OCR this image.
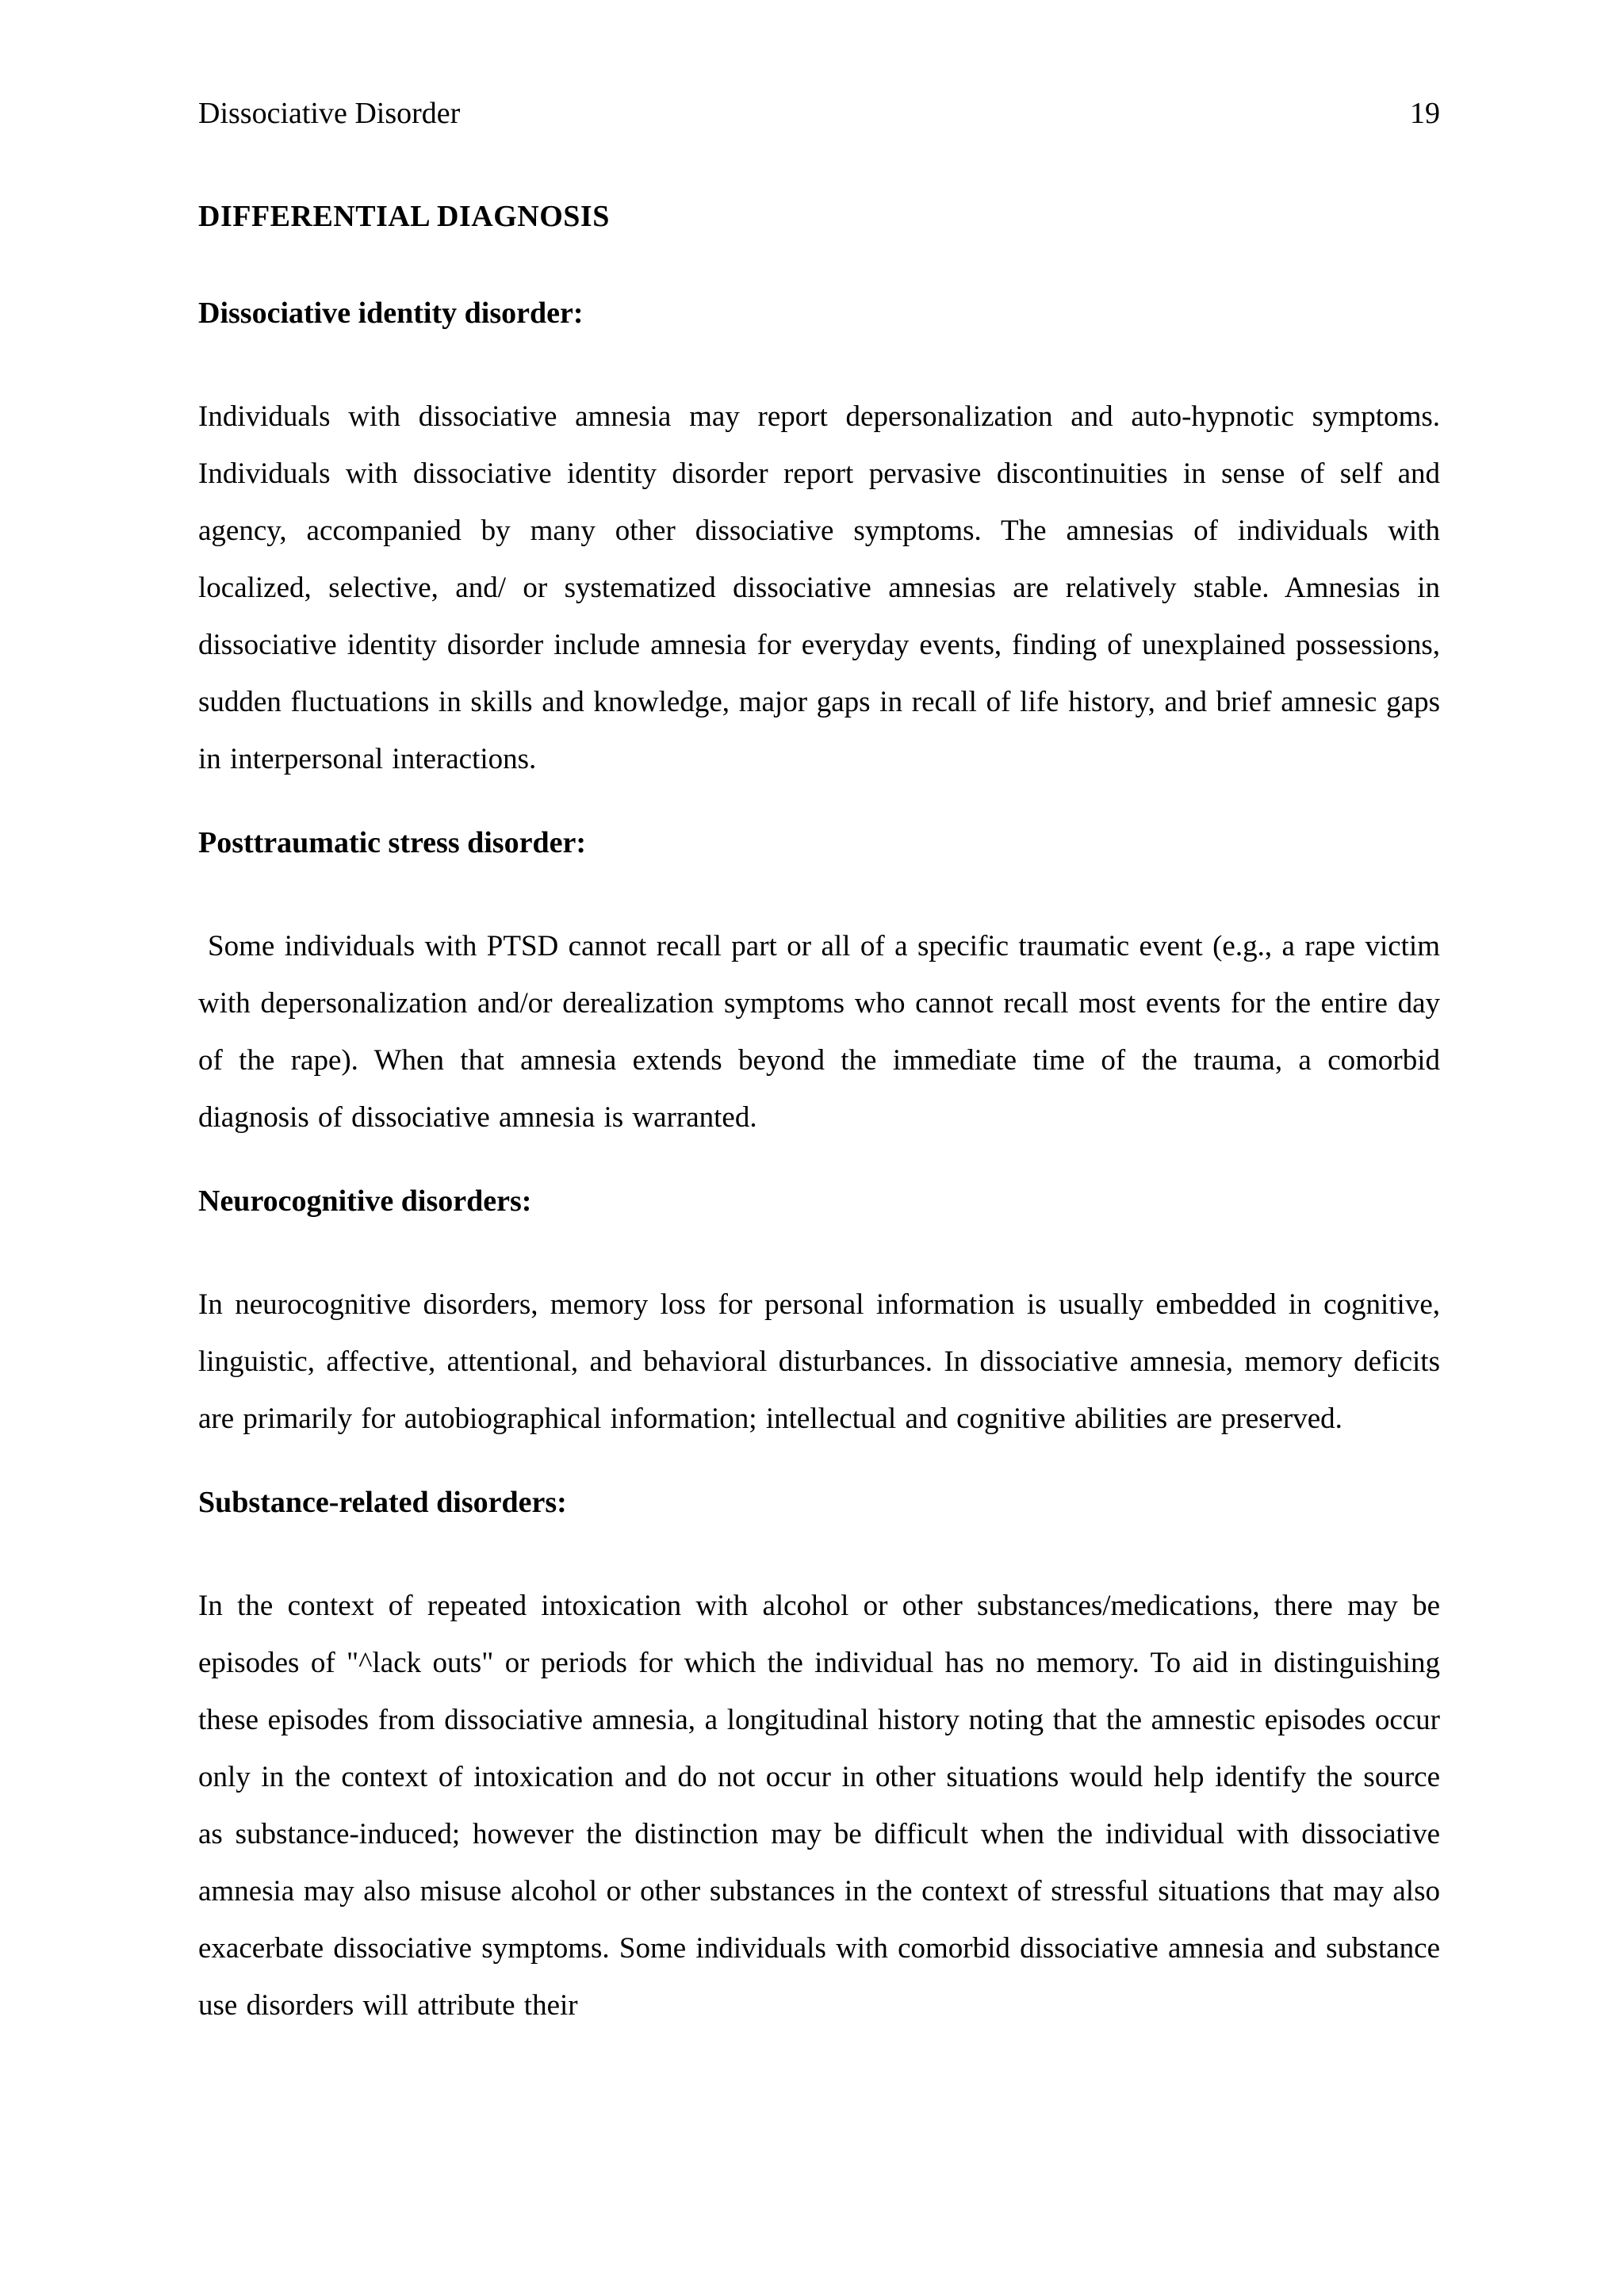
Dissociative Disorder	19
DIFFERENTIAL DIAGNOSIS
Dissociative identity disorder:

Individuals with dissociative amnesia may report depersonalization and auto-hypnotic symptoms. Individuals with dissociative identity disorder report pervasive discontinuities in sense of self and agency, accompanied by many other dissociative symptoms. The amnesias of individuals with localized, selective, and/ or systematized dissociative amnesias are relatively stable. Amnesias in dissociative identity disorder include amnesia for everyday events, finding of unexplained possessions, sudden fluctuations in skills and knowledge, major gaps in recall of life history, and brief amnesic gaps in interpersonal interactions.

Posttraumatic stress disorder:

Some individuals with PTSD cannot recall part or all of a specific traumatic event (e.g., a rape victim with depersonalization and/or derealization symptoms who cannot recall most events for the entire day of the rape). When that amnesia extends beyond the immediate time of the trauma, a comorbid diagnosis of dissociative amnesia is warranted.

Neurocognitive disorders:

In neurocognitive disorders, memory loss for personal information is usually embedded in cognitive, linguistic, affective, attentional, and behavioral disturbances. In dissociative amnesia, memory deficits are primarily for autobiographical information; intellectual and cognitive abilities are preserved.

Substance-related disorders:

In the context of repeated intoxication with alcohol or other substances/medications, there may be episodes of "^lack outs" or periods for which the individual has no memory. To aid in distinguishing these episodes from dissociative amnesia, a longitudinal history noting that the amnestic episodes occur only in the context of intoxication and do not occur in other situations would help identify the source as substance-induced; however the distinction may be difficult when the individual with dissociative amnesia may also misuse alcohol or other substances in the context of stressful situations that may also exacerbate dissociative symptoms. Some individuals with comorbid dissociative amnesia and substance use disorders will attribute their
